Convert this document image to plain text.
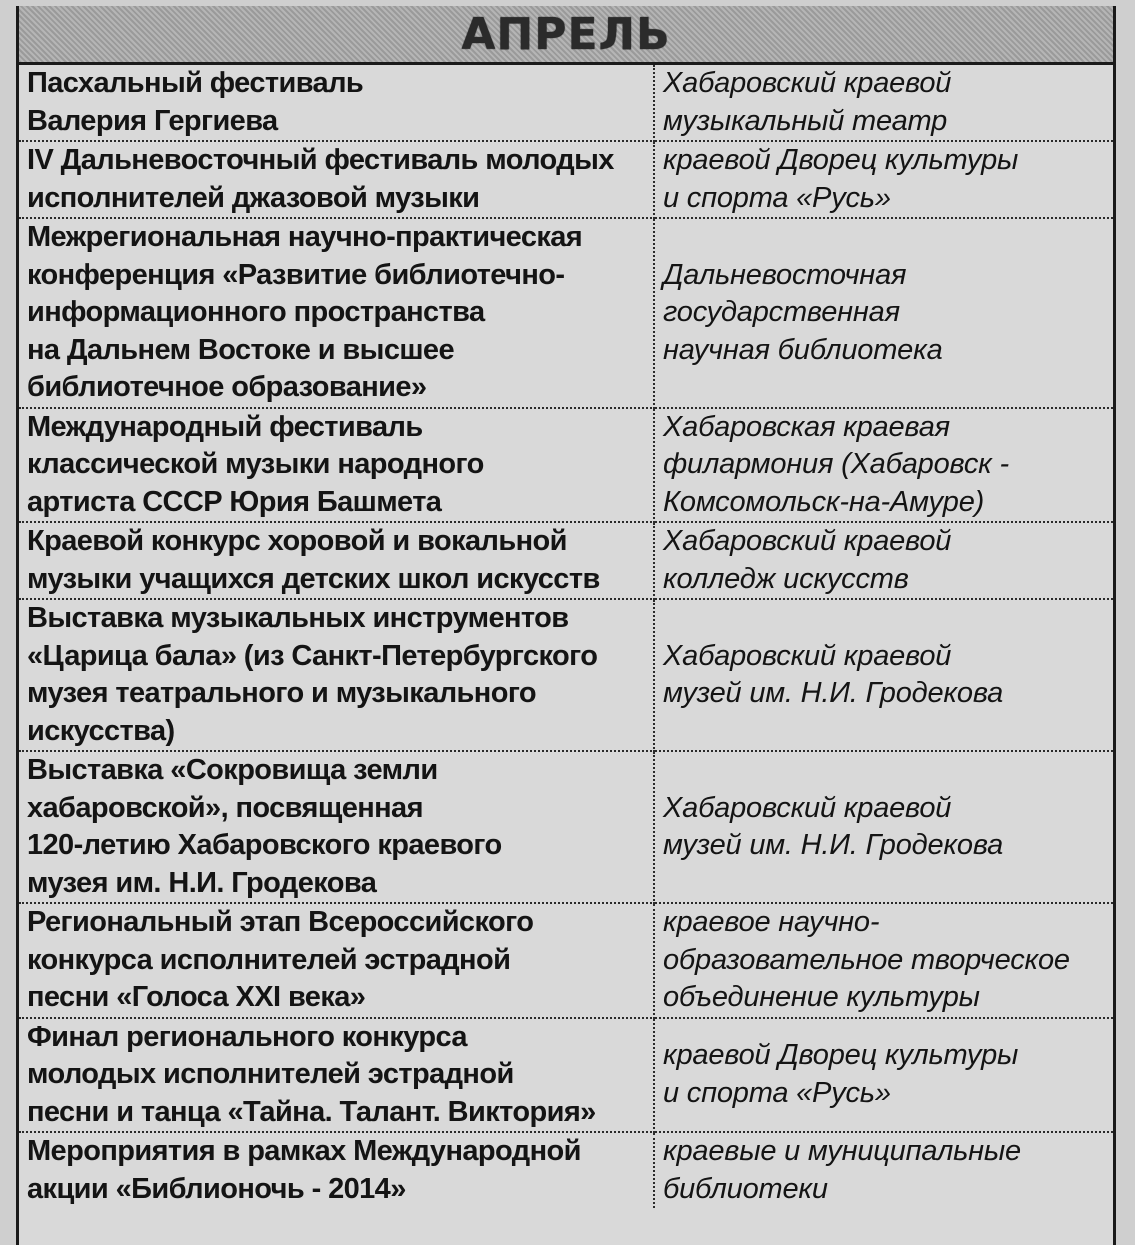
АПРЕЛЬ
Пасхальный фестиваль
Валерия Гергиева	Хабаровский краевой
музыкальный театр
IV Дальневосточный фестиваль молодых
исполнителей джазовой музыки	краевой Дворец культуры
и спорта «Русь»
Межрегиональная научно-практическая
конференция «Развитие библиотечно-
информационного пространства
на Дальнем Востоке и высшее
библиотечное образование»	Дальневосточная
государственная
научная библиотека
Международный фестиваль
классической музыки народного
артиста СССР Юрия Башмета	Хабаровская краевая
филармония (Хабаровск -
Комсомольск-на-Амуре)
Краевой конкурс хоровой и вокальной
музыки учащихся детских школ искусств	Хабаровский краевой
колледж искусств
Выставка музыкальных инструментов
«Царица бала» (из Санкт-Петербургского
музея театрального и музыкального
искусства)	Хабаровский краевой
музей им. Н.И. Гродекова
Выставка «Сокровища земли
хабаровской», посвященная
120-летию Хабаровского краевого
музея им. Н.И. Гродекова	Хабаровский краевой
музей им. Н.И. Гродекова
Региональный этап Всероссийского
конкурса исполнителей эстрадной
песни «Голоса XXI века»	краевое научно-
образовательное творческое
объединение культуры
Финал регионального конкурса
молодых исполнителей эстрадной
песни и танца «Тайна. Талант. Виктория»	краевой Дворец культуры
и спорта «Русь»
Мероприятия в рамках Международной
акции «Библионочь - 2014»	краевые и муниципальные
библиотеки
